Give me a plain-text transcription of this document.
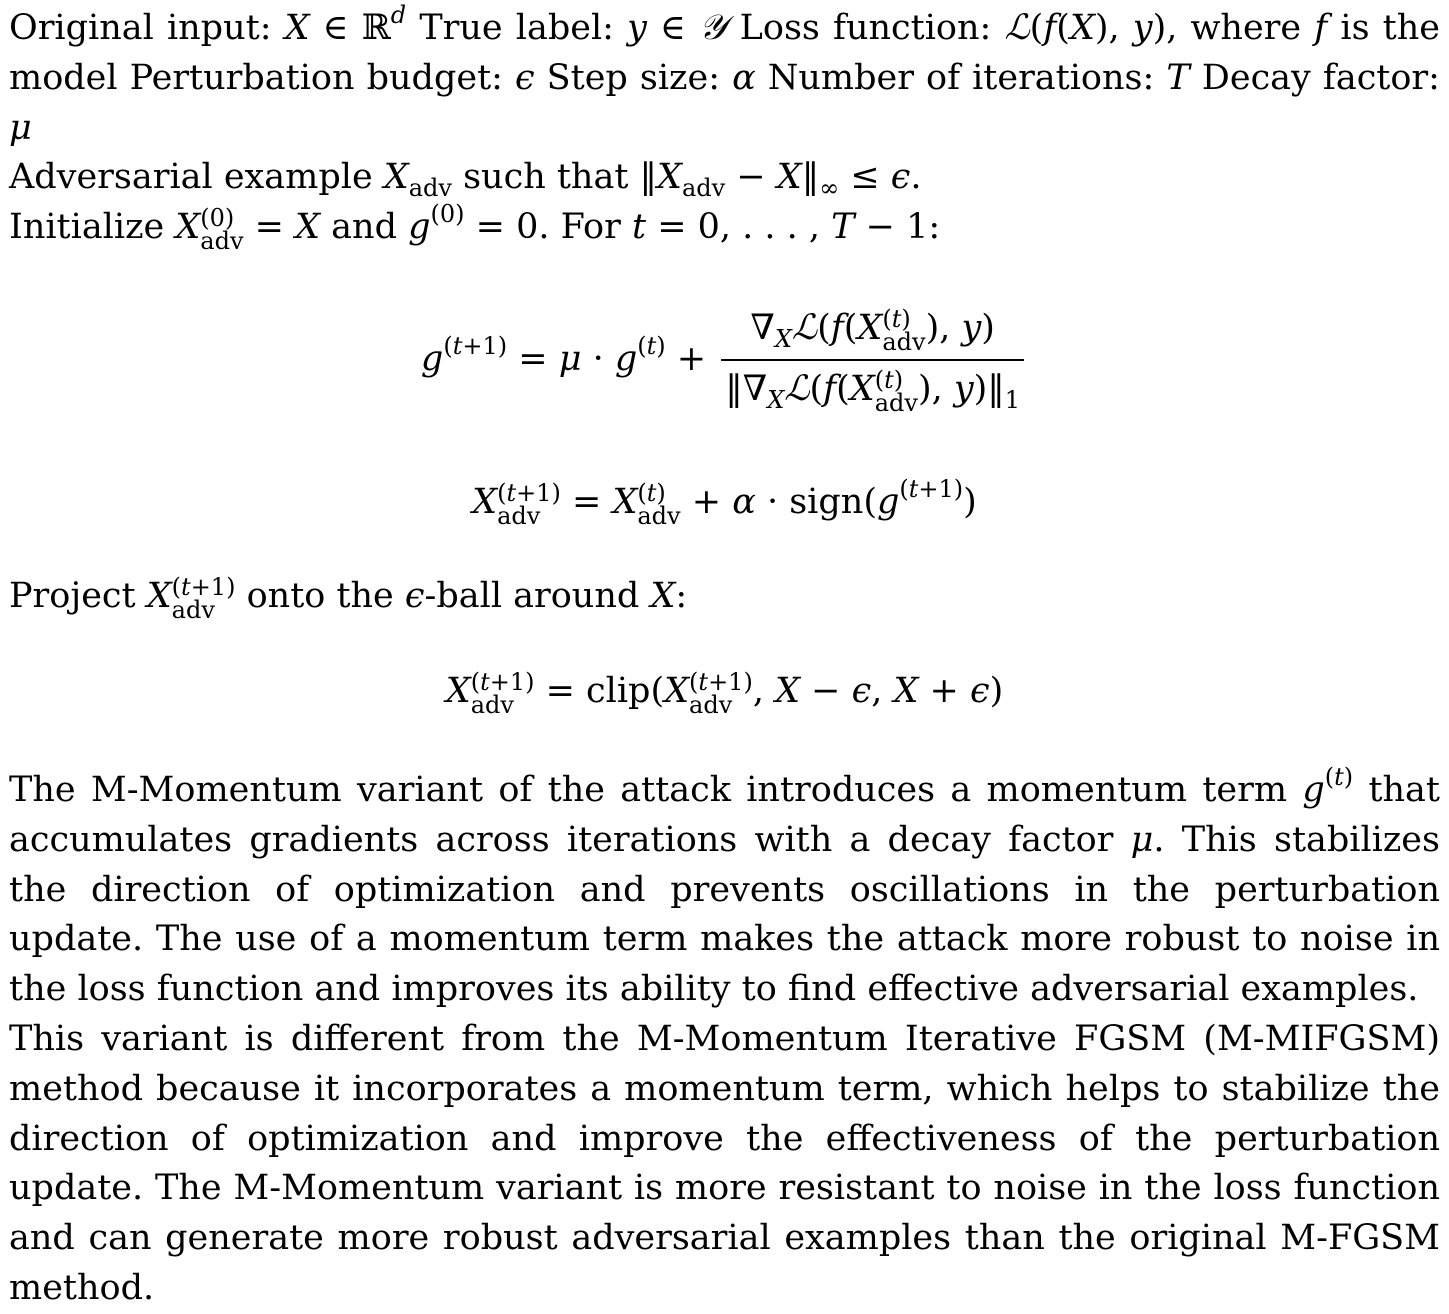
Original input: X ∈ ℝ$^d$ True label: y ∈ 𝒴 Loss function: ℒ(f(X), y), where f is the model Perturbation budget: ϵ Step size: α Number of iterations: T Decay factor: μ

Adversarial example $X_{adv}$ such that $‖X_{adv}$ − $X‖_\infty \le \epsilon$.

Initialize X (0)
adv = X and $g^{(0)} = 0$. For t = 0, . . . , T − 1:

$g^{(t+1)} = \mu \cdot g^{(t)}$ + $\nabla_Xℒ(f(X$ (t)
adv ), y)
$‖\nabla_Xℒ(f(X$ (t)
adv ), $y)‖_1$
X (t+1)
adv = X (t)
adv + $\alpha \cdot sign(g^{(t+1)})$

Project X (t+1)
adv onto the ϵ-ball around X:

X (t+1)
adv = clip(X (t+1)
adv , X − ϵ, X + ϵ)

The M-Momentum variant of the attack introduces a momentum term $g^{(t)}$ that accumulates gradients across iterations with a decay factor μ. This stabilizes the direction of optimization and prevents oscillations in the perturbation update. The use of a momentum term makes the attack more robust to noise in the loss function and improves its ability to find effective adversarial examples.

This variant is different from the M-Momentum Iterative FGSM (M-MIFGSM) method because it incorporates a momentum term, which helps to stabilize the direction of optimization and improve the effectiveness of the perturbation update. The M-Momentum variant is more resistant to noise in the loss function and can generate more robust adversarial examples than the original M-FGSM method.
